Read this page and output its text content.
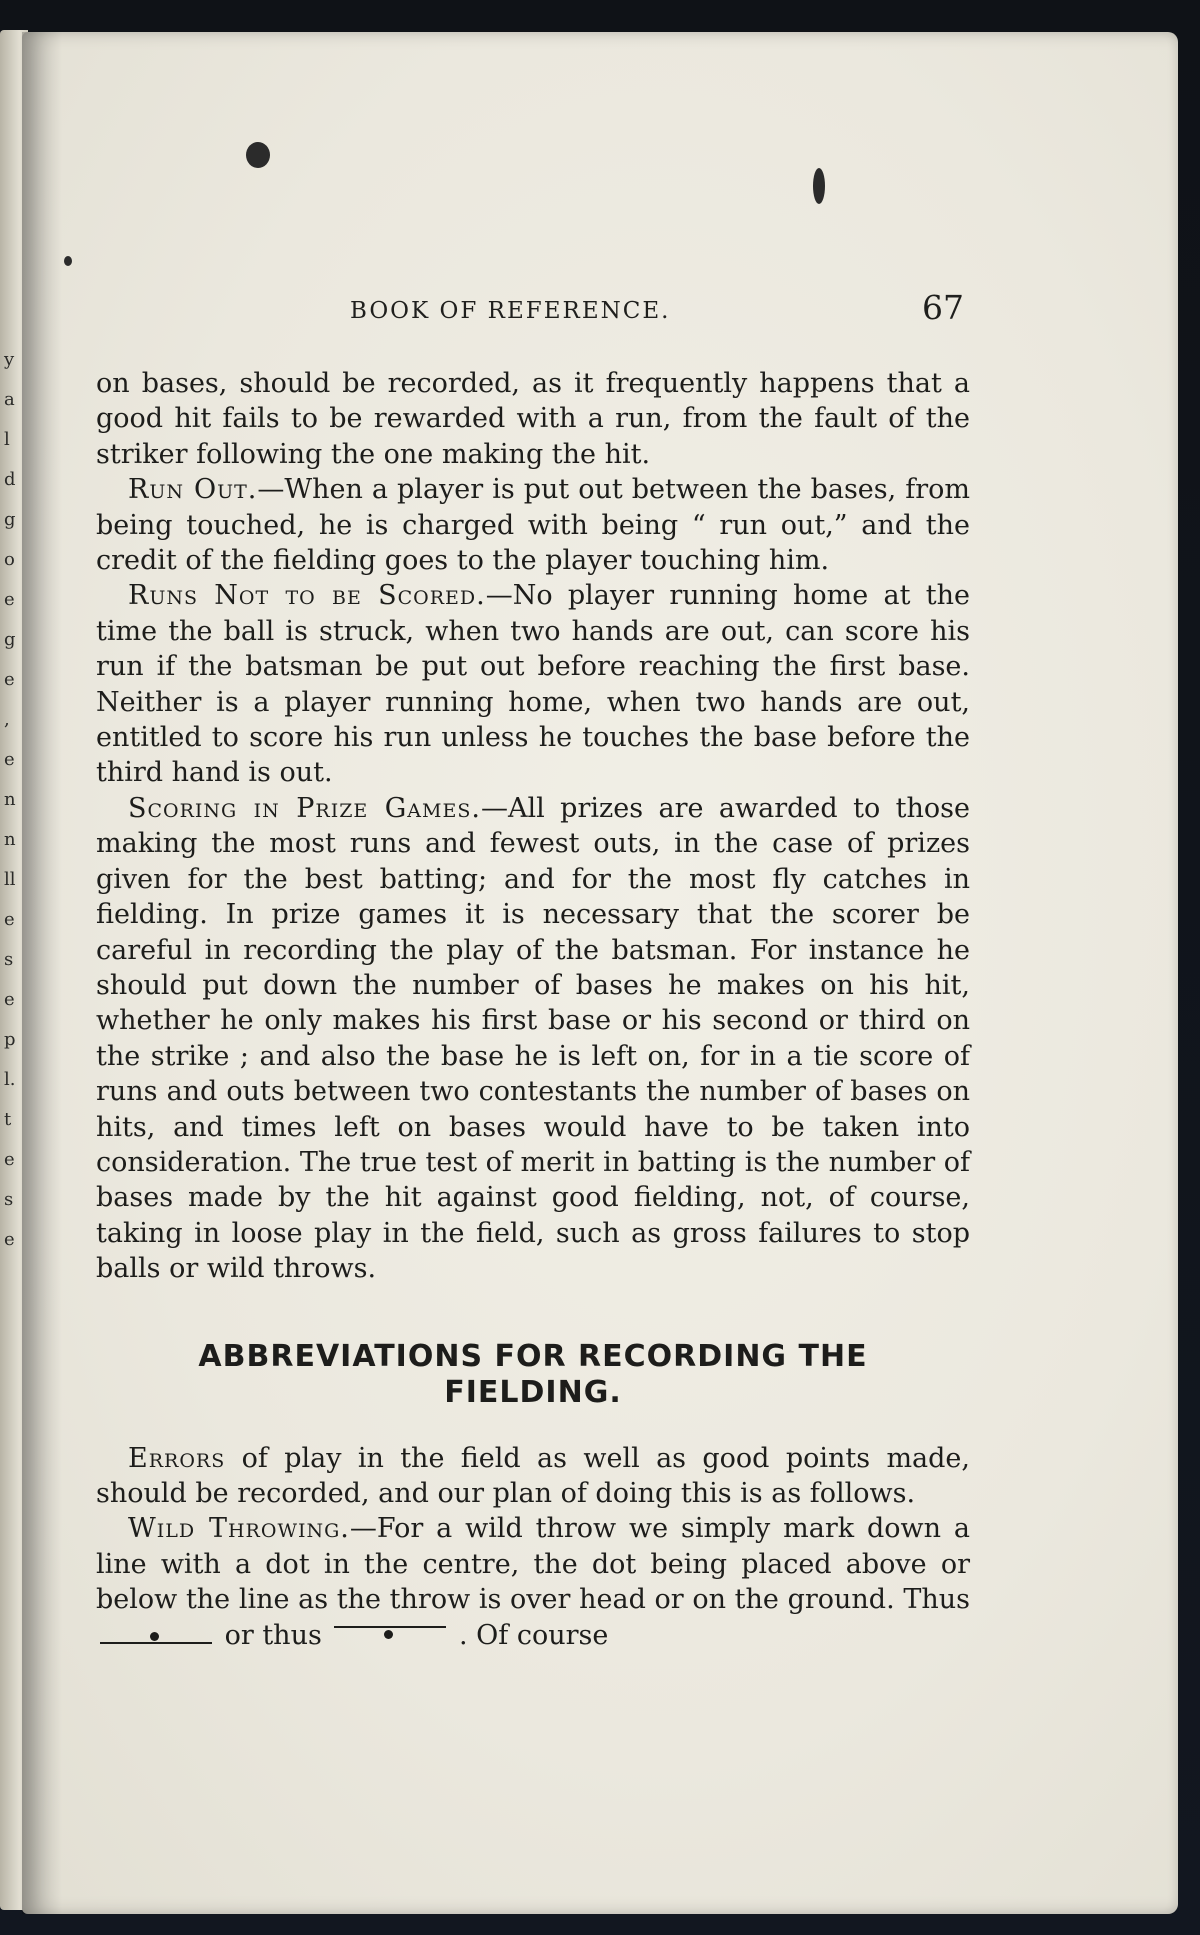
y
a
l
d
g
o
e
g
e
,
e
n
n
ll
e
s
e
p
l.
t
e
s
e
BOOK OF REFERENCE.	67

on bases, should be recorded, as it frequently happens that a good hit fails to be rewarded with a run, from the fault of the striker following the one making the hit.

Run Out.—When a player is put out between the bases, from being touched, he is charged with being “ run out,” and the credit of the fielding goes to the player touching him.

Runs Not to be Scored.—No player running home at the time the ball is struck, when two hands are out, can score his run if the batsman be put out before reaching the first base. Neither is a player running home, when two hands are out, entitled to score his run unless he touches the base before the third hand is out.

Scoring in Prize Games.—All prizes are awarded to those making the most runs and fewest outs, in the case of prizes given for the best batting; and for the most fly catches in fielding. In prize games it is necessary that the scorer be careful in recording the play of the batsman. For instance he should put down the number of bases he makes on his hit, whether he only makes his first base or his second or third on the strike ; and also the base he is left on, for in a tie score of runs and outs between two contestants the number of bases on hits, and times left on bases would have to be taken into consideration. The true test of merit in batting is the number of bases made by the hit against good fielding, not, of course, taking in loose play in the field, such as gross failures to stop balls or wild throws.

ABBREVIATIONS FOR RECORDING THE
FIELDING.

Errors of play in the field as well as good points made, should be recorded, and our plan of doing this is as follows.

Wild Throwing.—For a wild throw we simply mark down a line with a dot in the centre, the dot being placed above or below the line as the throw is over head or on the ground. Thus
or thus	. Of course
